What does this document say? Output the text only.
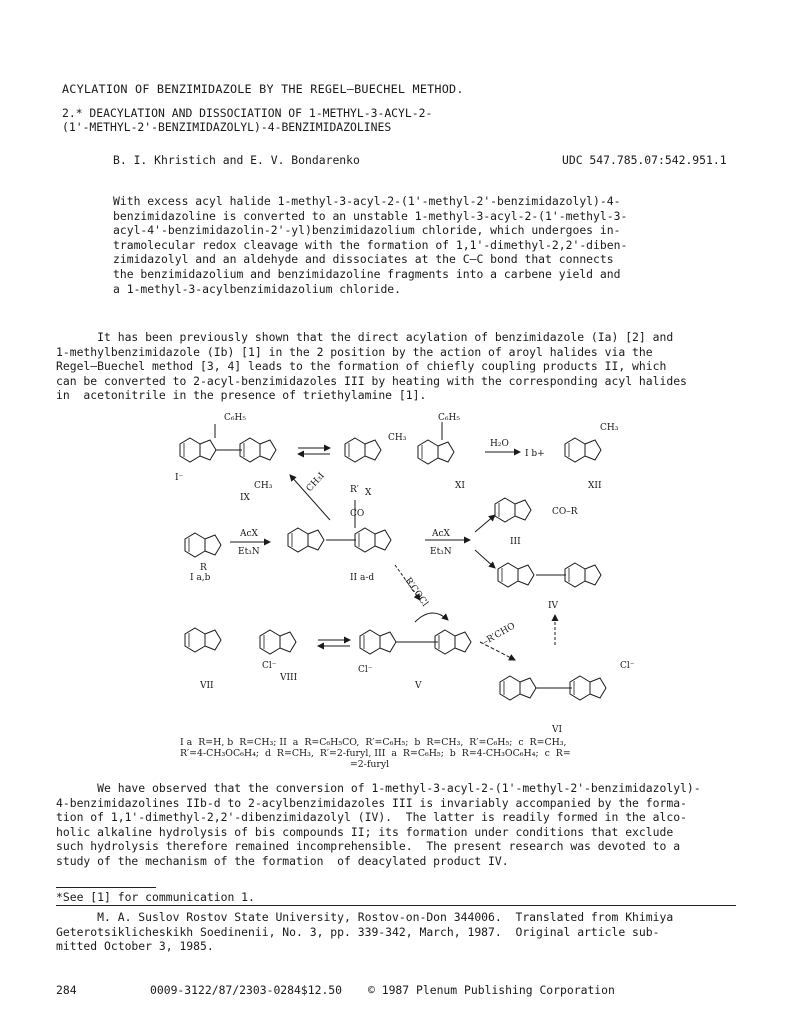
ACYLATION OF BENZIMIDAZOLE BY THE REGEL—BUECHEL METHOD.
2.* DEACYLATION AND DISSOCIATION OF 1-METHYL-3-ACYL-2-
(1'-METHYL-2'-BENZIMIDAZOLYL)-4-BENZIMIDAZOLINES
B. I. Khristich and E. V. Bondarenko	UDC 547.785.07:542.951.1
With excess acyl halide 1-methyl-3-acyl-2-(1'-methyl-2'-benzimidazolyl)-4-
benzimidazoline is converted to an unstable 1-methyl-3-acyl-2-(1'-methyl-3-
acyl-4'-benzimidazolin-2'-yl)benzimidazolium chloride, which undergoes in-
tramolecular redox cleavage with the formation of 1,1'-dimethyl-2,2'-diben-
zimidazolyl and an aldehyde and dissociates at the C—C bond that connects
the benzimidazolium and benzimidazoline fragments into a carbene yield and
a 1-methyl-3-acylbenzimidazolium chloride.
It has been previously shown that the direct acylation of benzimidazole (Ia) [2] and
1-methylbenzimidazole (Ib) [1] in the 2 position by the action of aroyl halides via the
Regel—Buechel method [3, 4] leads to the formation of chiefly coupling products II, which
can be converted to 2-acyl-benzimidazoles III by heating with the corresponding acyl halides
in  acetonitrile in the presence of triethylamine [1].
C₆H₅
IX
I⁻
CH₃
X
CH₃
C₆H₅
XI
H₂O
I b+
CH₃
XII
CH₃I
AcX
Et₃N
I a,b
R
R′
CO
II a-d
AcX
Et₃N
CO–R
III
IV
R′COCl
VII
VIII
Cl⁻
V
Cl⁻
–R′CHO
VI
Cl⁻
I a  R=H, b  R=CH₃; II  a  R=C₆H₅CO,  R′=C₆H₅;  b  R=CH₃,  R′=C₆H₅;  c  R=CH₃,
R′=4-CH₃OC₆H₄;  d  R=CH₃,  R′=2-furyl, III  a  R=C₆H₅;  b  R=4-CH₃OC₆H₄;  c  R=
=2-furyl
We have observed that the conversion of 1-methyl-3-acyl-2-(1'-methyl-2'-benzimidazolyl)-
4-benzimidazolines IIb-d to 2-acylbenzimidazoles III is invariably accompanied by the forma-
tion of 1,1'-dimethyl-2,2'-dibenzimidazolyl (IV).  The latter is readily formed in the alco-
holic alkaline hydrolysis of bis compounds II; its formation under conditions that exclude
such hydrolysis therefore remained incomprehensible.  The present research was devoted to a
study of the mechanism of the formation  of deacylated product IV.
*See [1] for communication 1.
M. A. Suslov Rostov State University, Rostov-on-Don 344006.  Translated from Khimiya
Geterotsiklicheskikh Soedinenii, No. 3, pp. 339-342, March, 1987.  Original article sub-
mitted October 3, 1985.
284	0009-3122/87/2303-0284$12.50 © 1987 Plenum Publishing Corporation
